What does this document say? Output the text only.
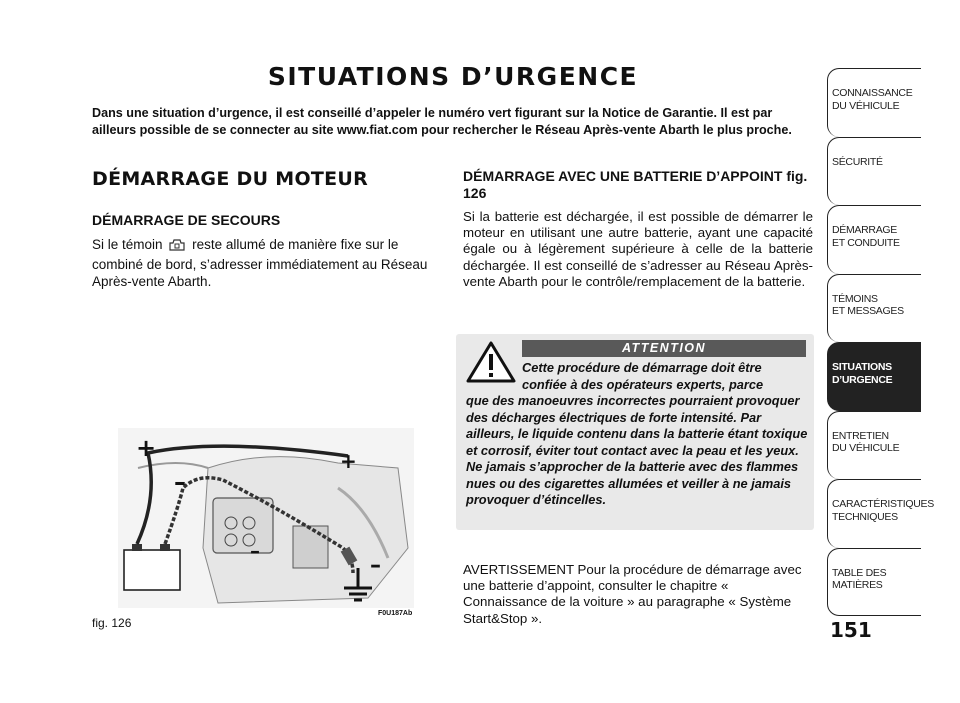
SITUATIONS D’URGENCE
Dans une situation d’urgence, il est conseillé d’appeler le numéro vert figurant sur la Notice de Garantie. Il est par ailleurs possible de se connecter au site www.fiat.com pour rechercher le Réseau Après-vente Abarth le plus proche.
DÉMARRAGE DU MOTEUR
DÉMARRAGE DE SECOURS
Si le témoin reste allumé de manière fixe sur le combiné de bord, s’adresser immédiatement au Réseau Après-vente Abarth.
+	+
–
–
–
fig. 126
F0U187Ab
DÉMARRAGE AVEC UNE BATTERIE D’APPOINT fig. 126
Si la batterie est déchargée, il est possible de démarrer le moteur en utilisant une autre batterie, ayant une capacité égale ou à légèrement supérieure à celle de la batterie déchargée. Il est conseillé de s’adresser au Réseau Après-vente Abarth pour le contrôle/remplacement de la batterie.
ATTENTION
Cette procédure de démarrage doit être confiée à des opérateurs experts, parce
que des manoeuvres incorrectes pourraient provoquer des décharges électriques de forte intensité. Par ailleurs, le liquide contenu dans la batterie étant toxique et corrosif, éviter tout contact avec la peau et les yeux. Ne jamais s’approcher de la batterie avec des flammes nues ou des cigarettes allumées et veiller à ne jamais provoquer d’étincelles.
AVERTISSEMENT Pour la procédure de démarrage avec une batterie d’appoint, consulter le chapitre « Connaissance de la voiture » au paragraphe « Système Start&Stop ».
CONNAISSANCE
DU VÉHICULE
SÉCURITÉ
DÉMARRAGE
ET CONDUITE
TÉMOINS
ET MESSAGES
SITUATIONS
D’URGENCE
ENTRETIEN
DU VÉHICULE
CARACTÉRISTIQUES
TECHNIQUES
TABLE DES
MATIÈRES
151
